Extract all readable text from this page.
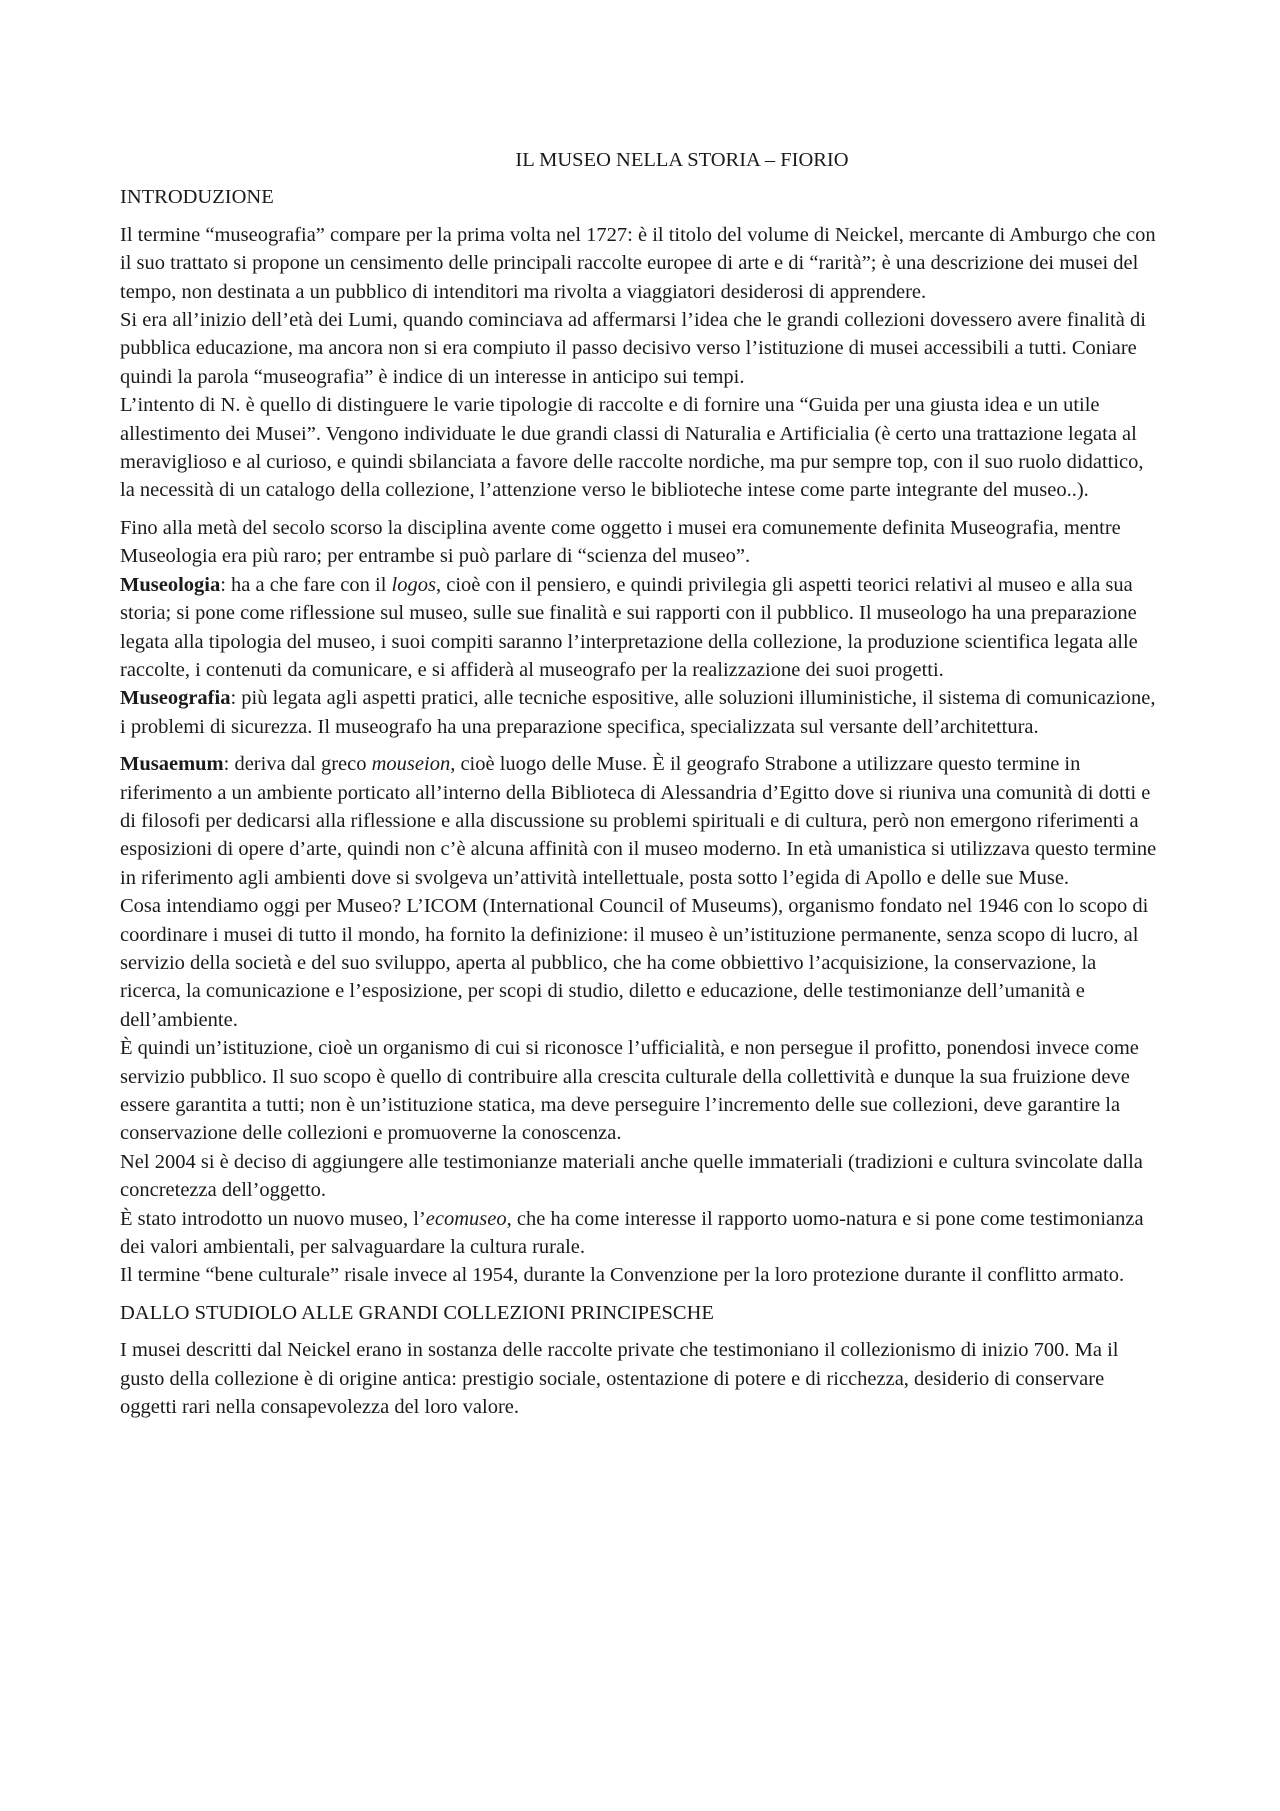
IL MUSEO NELLA STORIA – FIORIO
INTRODUZIONE

Il termine “museografia” compare per la prima volta nel 1727: è il titolo del volume di Neickel, mercante di Amburgo che con il suo trattato si propone un censimento delle principali raccolte europee di arte e di “rarità”; è una descrizione dei musei del tempo, non destinata a un pubblico di intenditori ma rivolta a viaggiatori desiderosi di apprendere.

Si era all’inizio dell’età dei Lumi, quando cominciava ad affermarsi l’idea che le grandi collezioni dovessero avere finalità di pubblica educazione, ma ancora non si era compiuto il passo decisivo verso l’istituzione di musei accessibili a tutti. Coniare quindi la parola “museografia” è indice di un interesse in anticipo sui tempi.

L’intento di N. è quello di distinguere le varie tipologie di raccolte e di fornire una “Guida per una giusta idea e un utile allestimento dei Musei”. Vengono individuate le due grandi classi di Naturalia e Artificialia (è certo una trattazione legata al meraviglioso e al curioso, e quindi sbilanciata a favore delle raccolte nordiche, ma pur sempre top, con il suo ruolo didattico, la necessità di un catalogo della collezione, l’attenzione verso le biblioteche intese come parte integrante del museo..).

Fino alla metà del secolo scorso la disciplina avente come oggetto i musei era comunemente definita Museografia, mentre Museologia era più raro; per entrambe si può parlare di “scienza del museo”.

Museologia: ha a che fare con il logos, cioè con il pensiero, e quindi privilegia gli aspetti teorici relativi al museo e alla sua storia; si pone come riflessione sul museo, sulle sue finalità e sui rapporti con il pubblico. Il museologo ha una preparazione legata alla tipologia del museo, i suoi compiti saranno l’interpretazione della collezione, la produzione scientifica legata alle raccolte, i contenuti da comunicare, e si affiderà al museografo per la realizzazione dei suoi progetti.

Museografia: più legata agli aspetti pratici, alle tecniche espositive, alle soluzioni illuministiche, il sistema di comunicazione, i problemi di sicurezza. Il museografo ha una preparazione specifica, specializzata sul versante dell’architettura.

Musaemum: deriva dal greco mouseion, cioè luogo delle Muse. È il geografo Strabone a utilizzare questo termine in riferimento a un ambiente porticato all’interno della Biblioteca di Alessandria d’Egitto dove si riuniva una comunità di dotti e di filosofi per dedicarsi alla riflessione e alla discussione su problemi spirituali e di cultura, però non emergono riferimenti a esposizioni di opere d’arte, quindi non c’è alcuna affinità con il museo moderno. In età umanistica si utilizzava questo termine in riferimento agli ambienti dove si svolgeva un’attività intellettuale, posta sotto l’egida di Apollo e delle sue Muse.

Cosa intendiamo oggi per Museo? L’ICOM (International Council of Museums), organismo fondato nel 1946 con lo scopo di coordinare i musei di tutto il mondo, ha fornito la definizione: il museo è un’istituzione permanente, senza scopo di lucro, al servizio della società e del suo sviluppo, aperta al pubblico, che ha come obbiettivo l’acquisizione, la conservazione, la ricerca, la comunicazione e l’esposizione, per scopi di studio, diletto e educazione, delle testimonianze dell’umanità e dell’ambiente.

È quindi un’istituzione, cioè un organismo di cui si riconosce l’ufficialità, e non persegue il profitto, ponendosi invece come servizio pubblico. Il suo scopo è quello di contribuire alla crescita culturale della collettività e dunque la sua fruizione deve essere garantita a tutti; non è un’istituzione statica, ma deve perseguire l’incremento delle sue collezioni, deve garantire la conservazione delle collezioni e promuoverne la conoscenza.

Nel 2004 si è deciso di aggiungere alle testimonianze materiali anche quelle immateriali (tradizioni e cultura svincolate dalla concretezza dell’oggetto.

È stato introdotto un nuovo museo, l’ecomuseo, che ha come interesse il rapporto uomo-natura e si pone come testimonianza dei valori ambientali, per salvaguardare la cultura rurale.

Il termine “bene culturale” risale invece al 1954, durante la Convenzione per la loro protezione durante il conflitto armato.

DALLO STUDIOLO ALLE GRANDI COLLEZIONI PRINCIPESCHE

I musei descritti dal Neickel erano in sostanza delle raccolte private che testimoniano il collezionismo di inizio 700. Ma il gusto della collezione è di origine antica: prestigio sociale, ostentazione di potere e di ricchezza, desiderio di conservare oggetti rari nella consapevolezza del loro valore.
